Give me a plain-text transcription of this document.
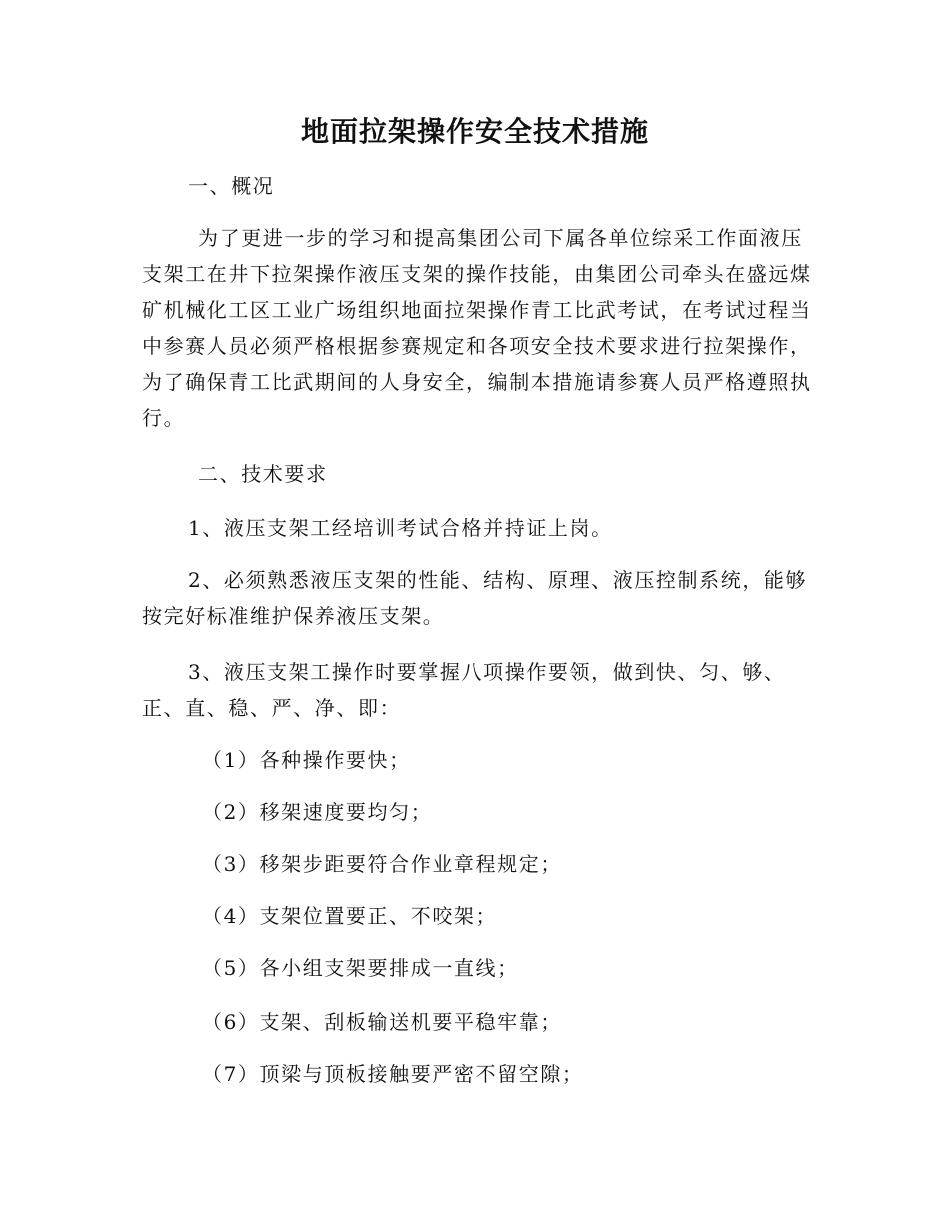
地面拉架操作安全技术措施
一、概况
为了更进一步的学习和提高集团公司下属各单位综采工作面液压支架工在井下拉架操作液压支架的操作技能，由集团公司牵头在盛远煤矿机械化工区工业广场组织地面拉架操作青工比武考试，在考试过程当中参赛人员必须严格根据参赛规定和各项安全技术要求进行拉架操作，为了确保青工比武期间的人身安全，编制本措施请参赛人员严格遵照执行。
二、技术要求
1、液压支架工经培训考试合格并持证上岗。
2、必须熟悉液压支架的性能、结构、原理、液压控制系统，能够按完好标准维护保养液压支架。
3、液压支架工操作时要掌握八项操作要领，做到快、匀、够、正、直、稳、严、净、即：
（1）各种操作要快；
（2）移架速度要均匀；
（3）移架步距要符合作业章程规定；
（4）支架位置要正、不咬架；
（5）各小组支架要排成一直线；
（6）支架、刮板输送机要平稳牢靠；
（7）顶梁与顶板接触要严密不留空隙；
